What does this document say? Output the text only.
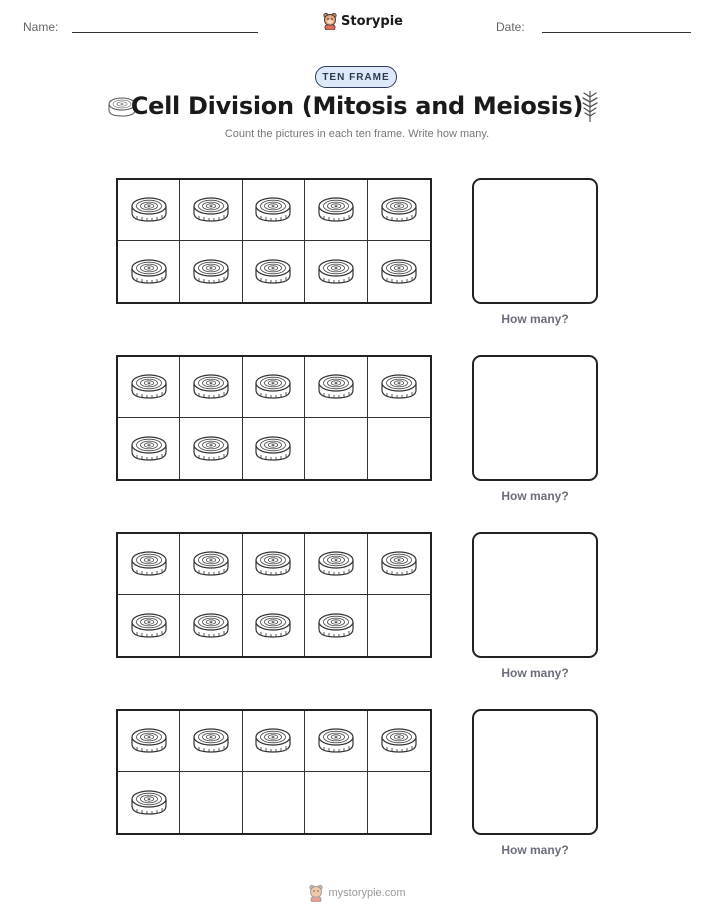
Name:	Storypie	Date:
TEN FRAME
Cell Division (Mitosis and Meiosis)
Count the pictures in each ten frame. Write how many.
How many?
How many?
How many?
How many?
mystorypie.com
